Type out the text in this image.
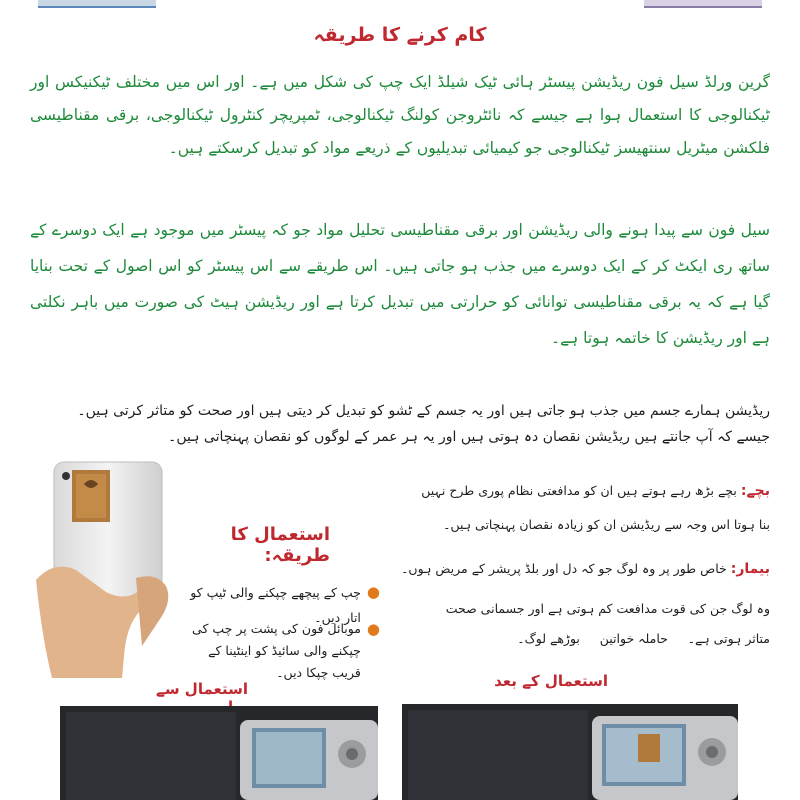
کام کرنے کا طریقہ
گرین ورلڈ سیل فون ریڈیشن پیسٹر ہائی ٹیک شیلڈ ایک چپ کی شکل میں ہے۔ اور اس میں مختلف ٹیکنیکس اور ٹیکنالوجی کا استعمال ہوا ہے جیسے کہ نائٹروجن کولنگ ٹیکنالوجی، ٹمپریچر کنٹرول ٹیکنالوجی، برقی مقناطیسی فلکشن میٹریل سنتھیسز ٹیکنالوجی جو کیمیائی تبدیلیوں کے ذریعے مواد کو تبدیل کرسکتے ہیں۔
سیل فون سے پیدا ہونے والی ریڈیشن اور برقی مقناطیسی تحلیل مواد جو کہ پیسٹر میں موجود ہے ایک دوسرے کے ساتھ ری ایکٹ کر کے ایک دوسرے میں جذب ہو جاتی ہیں۔ اس طریقے سے اس پیسٹر کو اس اصول کے تحت بنایا گیا ہے کہ یہ برقی مقناطیسی توانائی کو حرارتی میں تبدیل کرتا ہے اور ریڈیشن ہیٹ کی صورت میں باہر نکلتی ہے اور ریڈیشن کا خاتمہ ہوتا ہے۔
ریڈیشن ہمارے جسم میں جذب ہو جاتی ہیں اور یہ جسم کے ٹشو کو تبدیل کر دیتی ہیں اور صحت کو متاثر کرتی ہیں۔
جیسے کہ آپ جانتے ہیں ریڈیشن نقصان دہ ہوتی ہیں اور یہ ہر عمر کے لوگوں کو نقصان پہنچاتی ہیں۔
استعمال کا طریقہ:
●
چپ کے پیچھے چپکنے والی ٹیپ کو اتار دیں۔
●
موبائل فون کی پشت پر چپ کی چپکنے والی سائیڈ کو اینٹینا کے قریب چپکا دیں۔
بچے: بچے بڑھ رہے ہوتے ہیں ان کو مدافعتی نظام پوری طرح نہیں
بنا ہوتا اس وجہ سے ریڈیشن ان کو زیادہ نقصان پہنچاتی ہیں۔
بیمار: خاص طور پر وہ لوگ جو کہ دل اور بلڈ پریشر کے مریض ہوں۔
وہ لوگ جن کی قوت مدافعت کم ہوتی ہے اور جسمانی صحت
متاثر ہوتی ہے۔     حاملہ خواتین     بوڑھے لوگ۔
استعمال سے	استعمال کے بعد
